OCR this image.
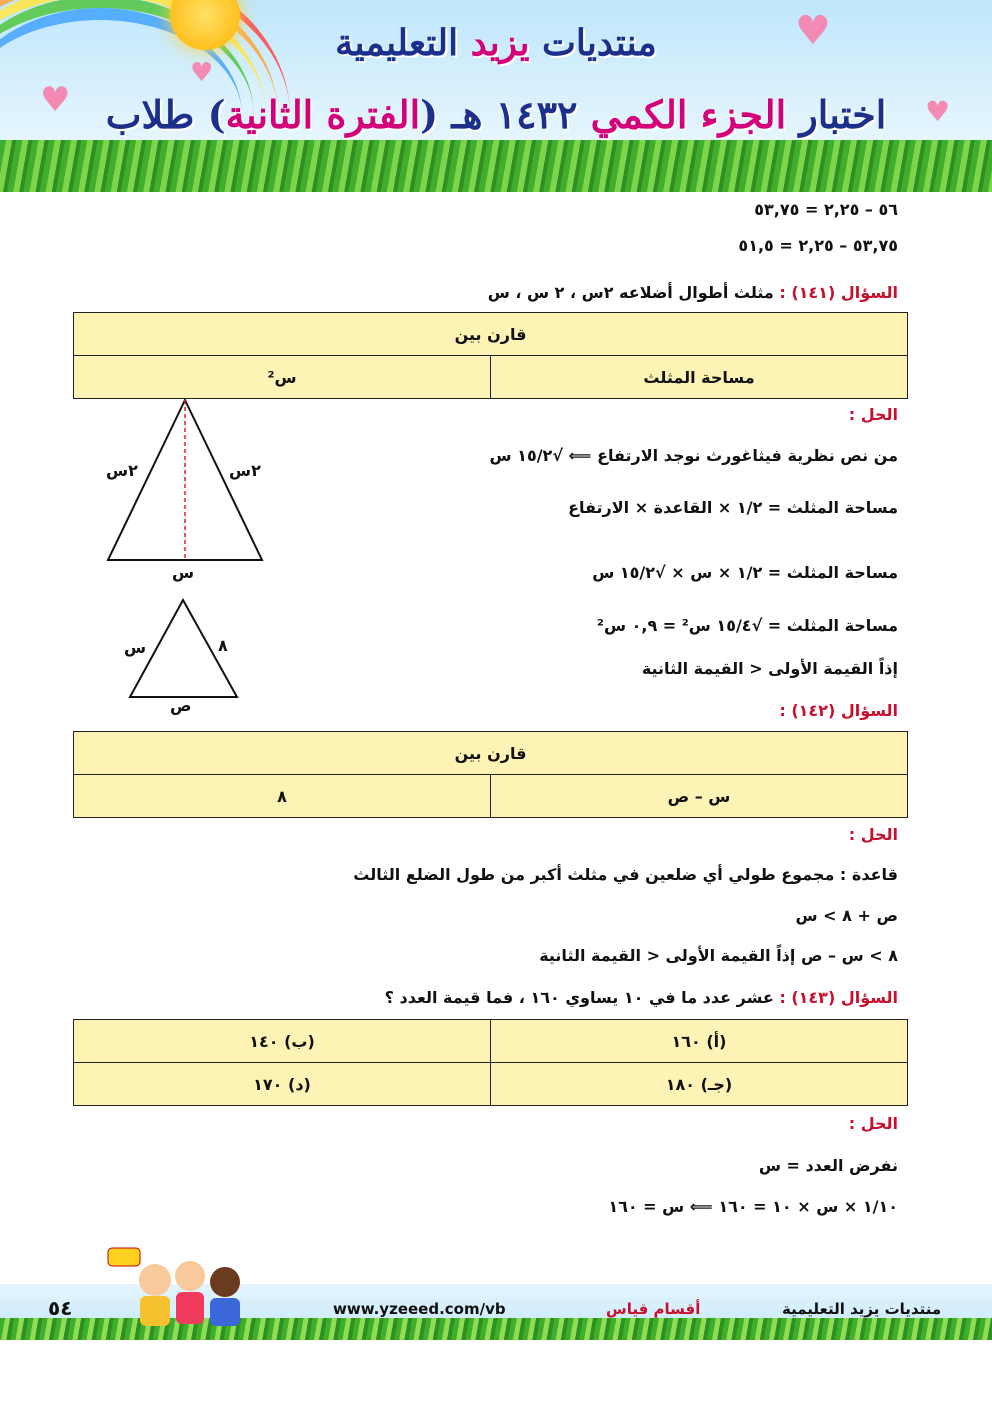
♥
♥
♥
♥
منتديات يزيد التعليمية
اختبار الجزء الكمي ١٤٣٢ هـ (الفترة الثانية) طلاب
٥٦ – ٢,٢٥ = ٥٣,٧٥
٥٣,٧٥ – ٢,٢٥ = ٥١,٥
السؤال (١٤١) : مثلث أطوال أضلاعه ٢س ، ٢ س ، س
قارن بين
س²	مساحة المثلث
الحل :
من نص نظرية فيثاغورث نوجد الارتفاع ⟸ √١٥/٢ س
مساحة المثلث = ١/٢ × القاعدة × الارتفاع
مساحة المثلث = ١/٢ × س × √١٥/٢ س
مساحة المثلث = √١٥/٤ س² = ٠,٩ س²
إذاً القيمة الأولى < القيمة الثانية
٢س	٢س
س
س	٨
ص	السؤال (١٤٢) :
قارن بين
٨	س – ص
الحل :
قاعدة : مجموع طولي أي ضلعين في مثلث أكبر من طول الضلع الثالث
ص + ٨ > س
٨ > س – ص إذاً القيمة الأولى < القيمة الثانية
السؤال (١٤٣) : عشر عدد ما في ١٠ يساوي ١٦٠ ، فما قيمة العدد ؟
(ب) ١٤٠	(أ) ١٦٠
(د) ١٧٠	(جـ) ١٨٠
الحل :
نفرض العدد = س
١/١٠ × س × ١٠ = ١٦٠ ⟸ س = ١٦٠
٥٤	www.yzeeed.com/vb	أقسام قياس	منتديات يزيد التعليمية
